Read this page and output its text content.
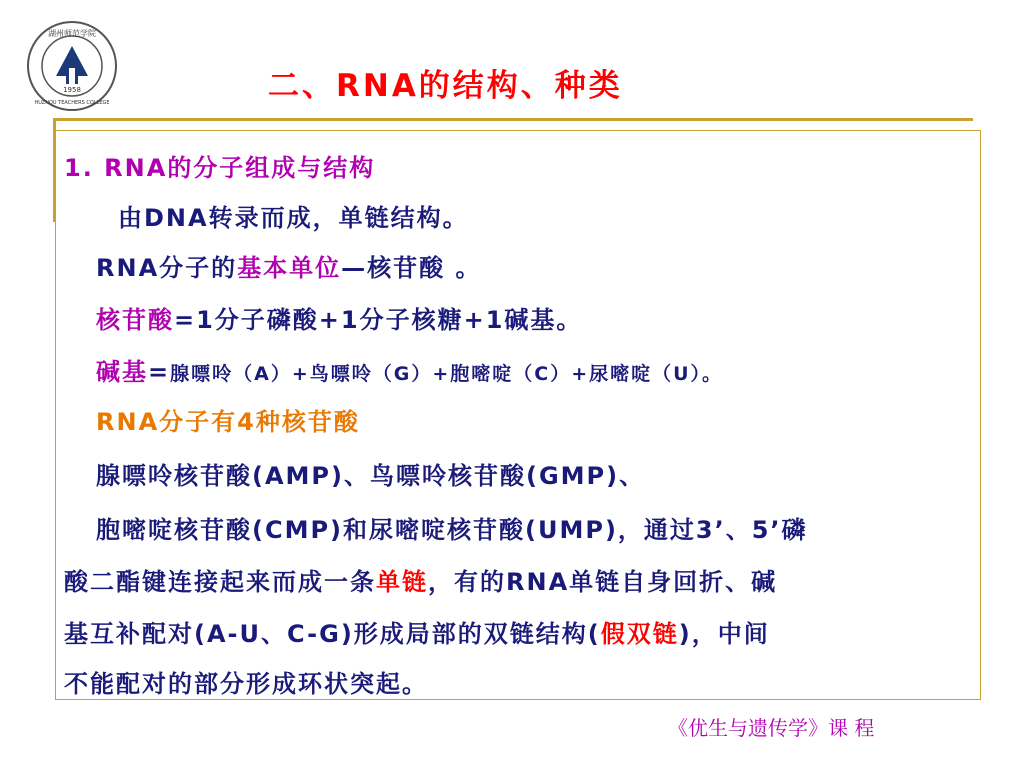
湖州师范学院
1958
HUZHOU TEACHERS COLLEGE	二、RNA的结构、种类
1. RNA的分子组成与结构
由DNA转录而成，单链结构。
RNA分子的基本单位—核苷酸 。
核苷酸=1分子磷酸+1分子核糖+1碱基。
碱基=腺嘌呤（A）+鸟嘌呤（G）+胞嘧啶（C）+尿嘧啶（U）。
RNA分子有4种核苷酸
腺嘌呤核苷酸(AMP)、鸟嘌呤核苷酸(GMP)、
胞嘧啶核苷酸(CMP)和尿嘧啶核苷酸(UMP)，通过3’、5’磷
酸二酯键连接起来而成一条单链，有的RNA单链自身回折、碱
基互补配对(A-U、C-G)形成局部的双链结构(假双链)，中间
不能配对的部分形成环状突起。
《优生与遗传学》课 程
